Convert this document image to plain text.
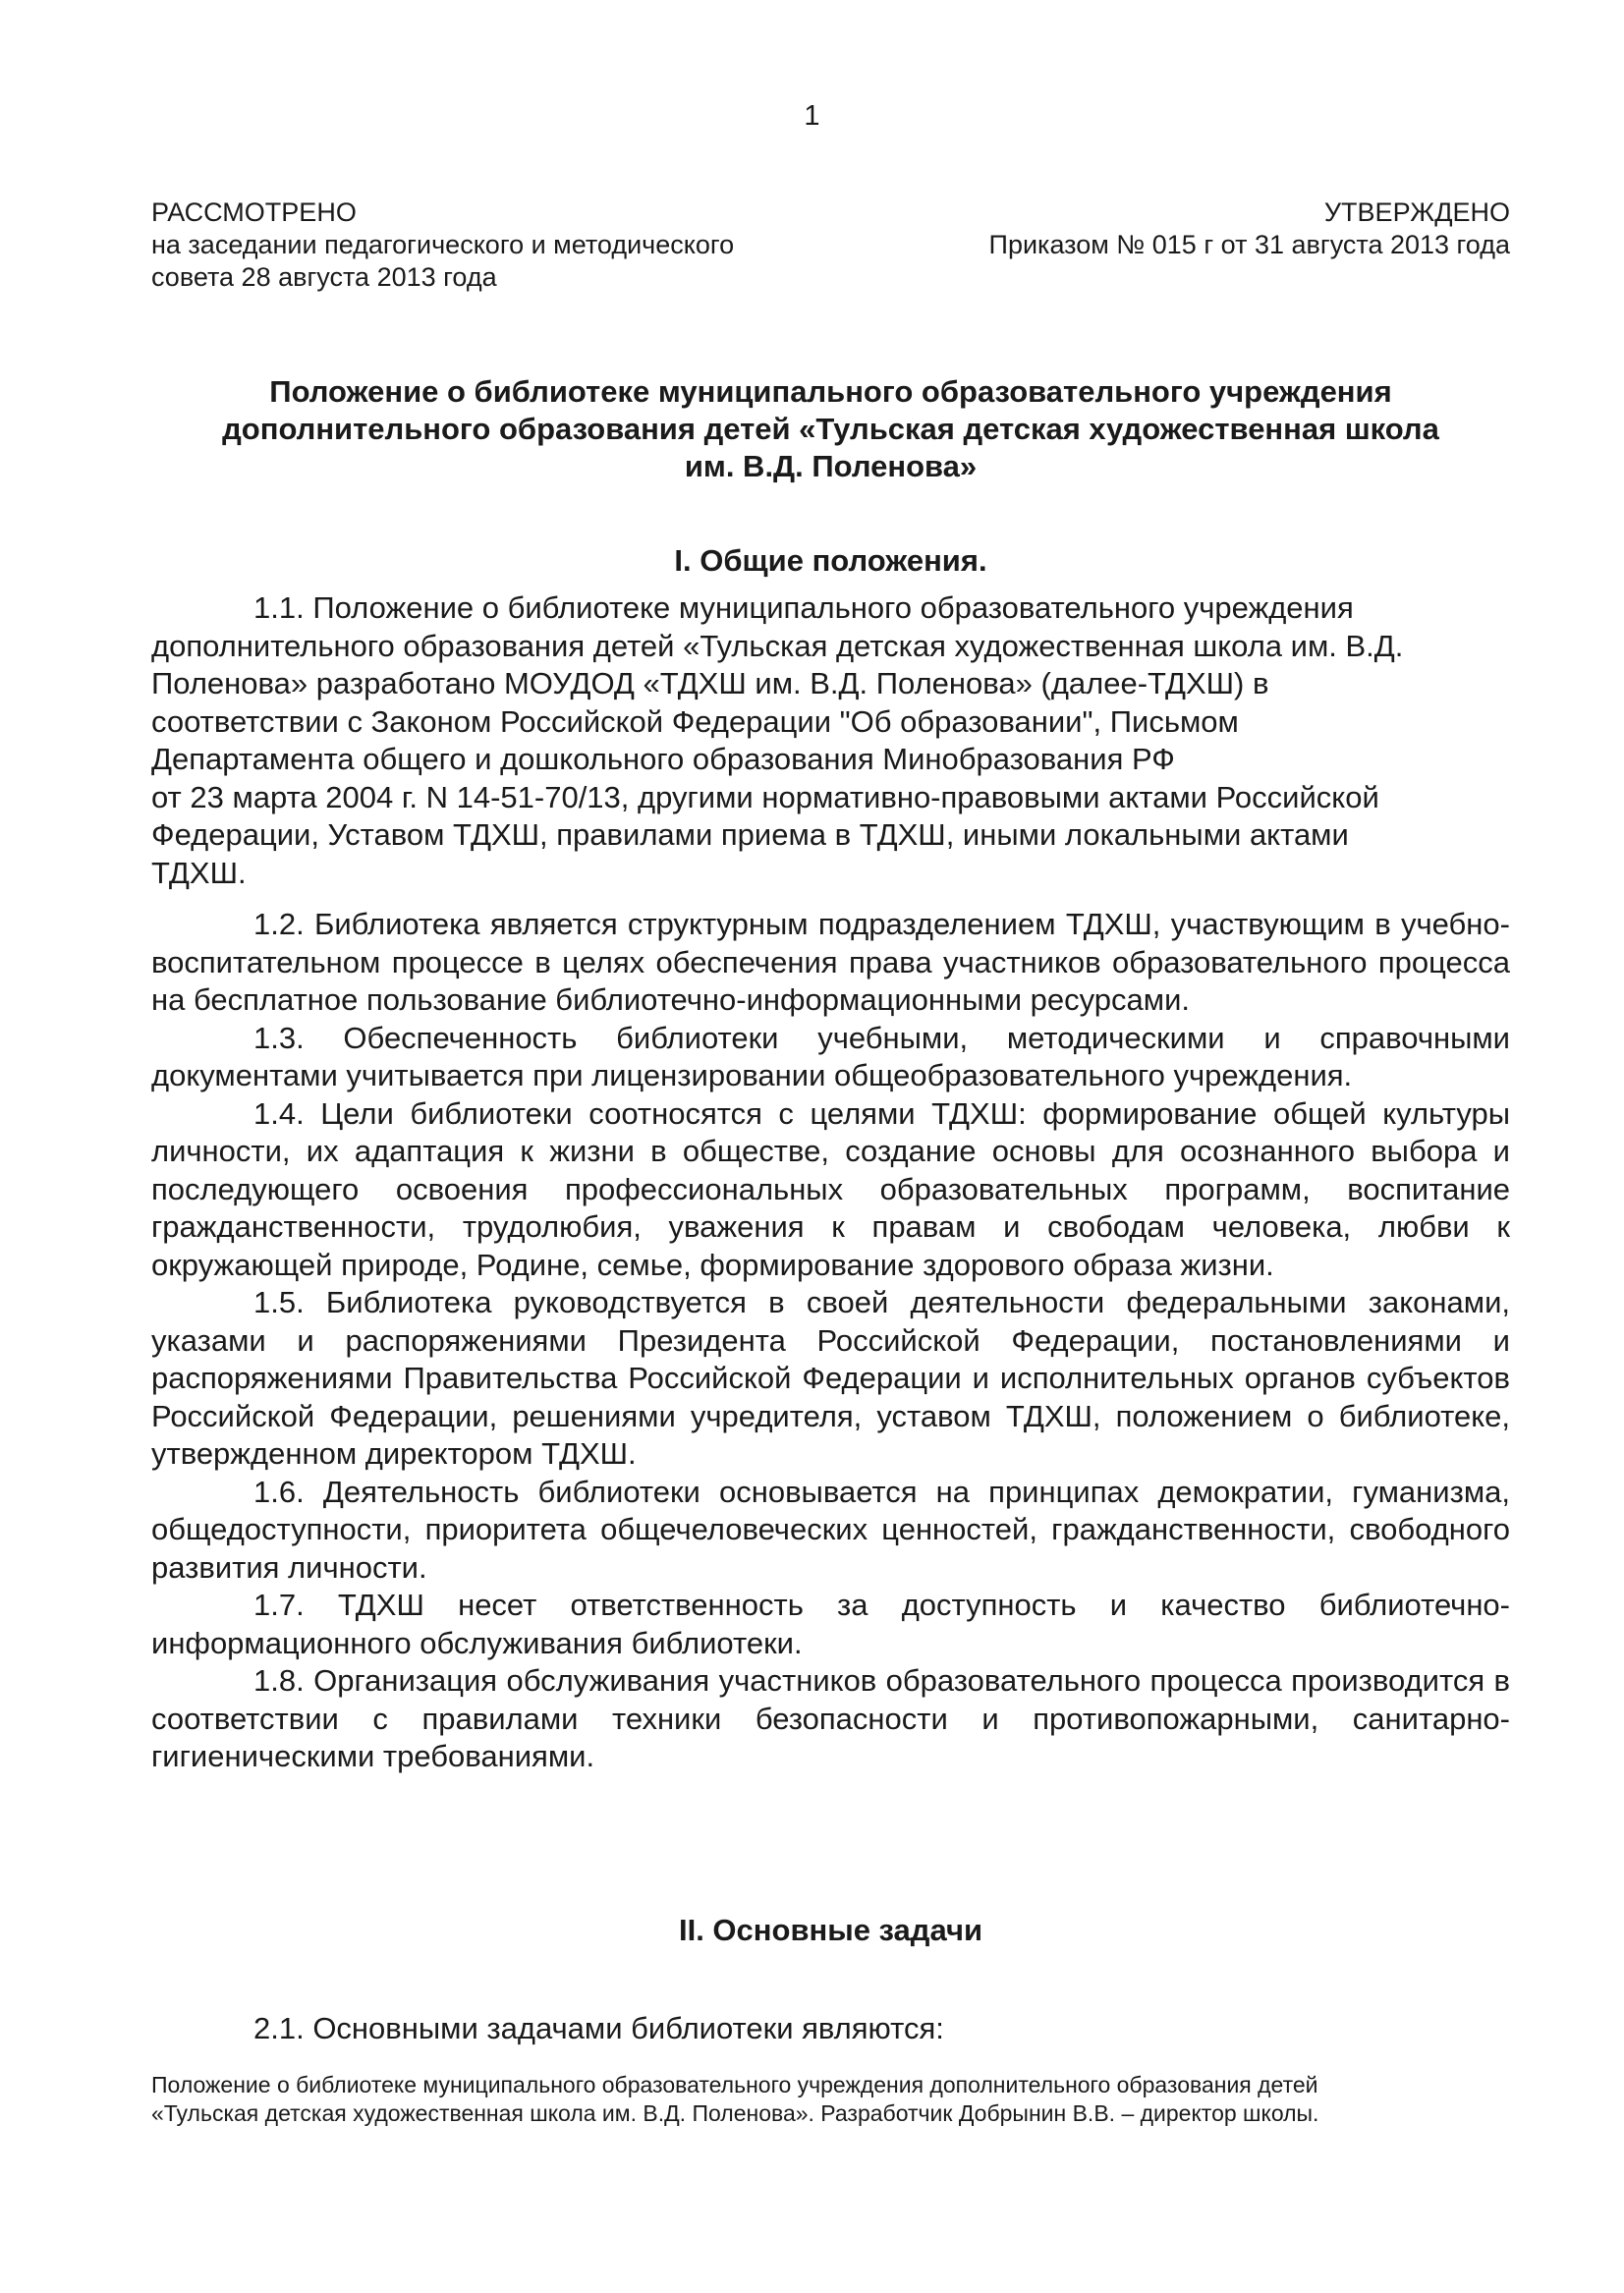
1
РАССМОТРЕНО
на заседании педагогического и методического
совета 28 августа 2013 года
УТВЕРЖДЕНО
Приказом № 015 г от 31 августа 2013 года
Положение о библиотеке муниципального образовательного учреждения
дополнительного образования детей «Тульская детская художественная школа
им. В.Д. Поленова»
I. Общие положения.

1.1. Положение о библиотеке муниципального образовательного учреждения
дополнительного образования детей «Тульская детская художественная школа им. В.Д.
Поленова» разработано МОУДОД «ТДХШ им. В.Д. Поленова» (далее-ТДХШ) в
соответствии с Законом Российской Федерации "Об образовании", Письмом
Департамента общего и дошкольного образования Минобразования РФ
от 23 марта 2004 г. N 14-51-70/13, другими нормативно-правовыми актами Российской
Федерации, Уставом ТДХШ, правилами приема в ТДХШ, иными локальными актами
ТДХШ.

1.2. Библиотека является структурным подразделением ТДХШ, участвующим в учебно-воспитательном процессе в целях обеспечения права участников образовательного процесса на бесплатное пользование библиотечно-информационными ресурсами.

1.3. Обеспеченность библиотеки учебными, методическими и справочными документами учитывается при лицензировании общеобразовательного учреждения.

1.4. Цели библиотеки соотносятся с целями ТДХШ: формирование общей культуры личности, их адаптация к жизни в обществе, создание основы для осознанного выбора и последующего освоения профессиональных образовательных программ, воспитание гражданственности, трудолюбия, уважения к правам и свободам человека, любви к окружающей природе, Родине, семье, формирование здорового образа жизни.

1.5. Библиотека руководствуется в своей деятельности федеральными законами, указами и распоряжениями Президента Российской Федерации, постановлениями и распоряжениями Правительства Российской Федерации и исполнительных органов субъектов Российской Федерации, решениями учредителя, уставом ТДХШ, положением о библиотеке, утвержденном директором ТДХШ.

1.6. Деятельность библиотеки основывается на принципах демократии, гуманизма, общедоступности, приоритета общечеловеческих ценностей, гражданственности, свободного развития личности.

1.7. ТДХШ несет ответственность за доступность и качество библиотечно-информационного обслуживания библиотеки.

1.8. Организация обслуживания участников образовательного процесса производится в соответствии с правилами техники безопасности и противопожарными, санитарно-гигиеническими требованиями.

II. Основные задачи

2.1. Основными задачами библиотеки являются:

Положение о библиотеке муниципального образовательного учреждения дополнительного образования детей
«Тульская детская художественная школа им. В.Д. Поленова». Разработчик Добрынин В.В. – директор школы.
